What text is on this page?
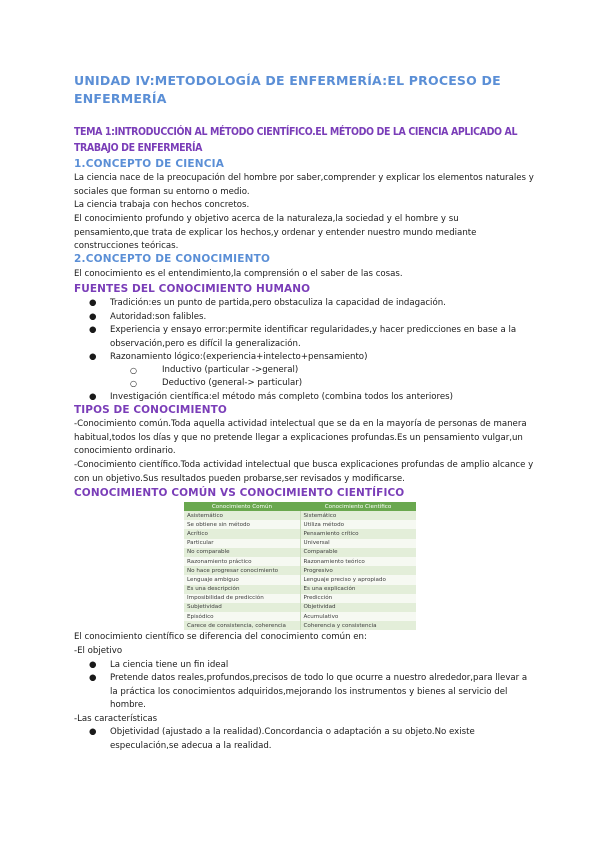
UNIDAD IV:METODOLOGÍA DE ENFERMERÍA:EL PROCESO DE ENFERMERÍA
TEMA 1:INTRODUCCIÓN AL MÉTODO CIENTÍFICO.EL MÉTODO DE LA CIENCIA APLICADO AL TRABAJO DE ENFERMERÍA
1.CONCEPTO DE CIENCIA
La ciencia nace de la preocupación del hombre por saber,comprender y explicar los elementos naturales y sociales que forman su entorno o medio.
La ciencia trabaja con hechos concretos.
El conocimiento profundo y objetivo acerca de la naturaleza,la sociedad y el hombre y su pensamiento,que trata de explicar los hechos,y ordenar y entender nuestro mundo mediante construcciones teóricas.
2.CONCEPTO DE CONOCIMIENTO
El conocimiento es el entendimiento,la comprensión o el saber de las cosas.
FUENTES DEL CONOCIMIENTO HUMANO
● Tradición:es un punto de partida,pero obstaculiza la capacidad de indagación.
● Autoridad:son falibles.
● Experiencia y ensayo error:permite identificar regularidades,y hacer predicciones en base a la observación,pero es difícil la generalización.
● Razonamiento lógico:(experiencia+intelecto+pensamiento)
○	Inductivo (particular ->general)
○	Deductivo (general-> particular)
● Investigación científica:el método más completo (combina todos los anteriores)
TIPOS DE CONOCIMIENTO
-Conocimiento común.Toda aquella actividad intelectual que se da en la mayoría de personas de manera habitual,todos los días y que no pretende llegar a explicaciones profundas.Es un pensamiento vulgar,un conocimiento ordinario.
-Conocimiento científico.Toda actividad intelectual que busca explicaciones profundas de amplio alcance y con un objetivo.Sus resultados pueden probarse,ser revisados y modificarse.
CONOCIMIENTO COMÚN VS CONOCIMIENTO CIENTÍFICO
Conocimiento Común	Conocimiento Científico
Asistemático	Sistemático
Se obtiene sin método	Utiliza método
Acrítico	Pensamiento crítico
Particular	Universal
No comparable	Comparable
Razonamiento práctico	Razonamiento teórico
No hace progresar conocimiento	Progresivo
Lenguaje ambiguo	Lenguaje preciso y apropiado
Es una descripción	Es una explicación
Imposibilidad de predicción	Predicción
Subjetividad	Objetividad
Episódico	Acumulativo
Carece de consistencia, coherencia	Coherencia y consistencia
El conocimiento científico se diferencia del conocimiento común en:
-El objetivo
● La ciencia tiene un fin ideal
● Pretende datos reales,profundos,precisos de todo lo que ocurre a nuestro alrededor,para llevar a la práctica los conocimientos adquiridos,mejorando los instrumentos y bienes al servicio del hombre.
-Las características
● Objetividad (ajustado a la realidad).Concordancia o adaptación a su objeto.No existe especulación,se adecua a la realidad.
